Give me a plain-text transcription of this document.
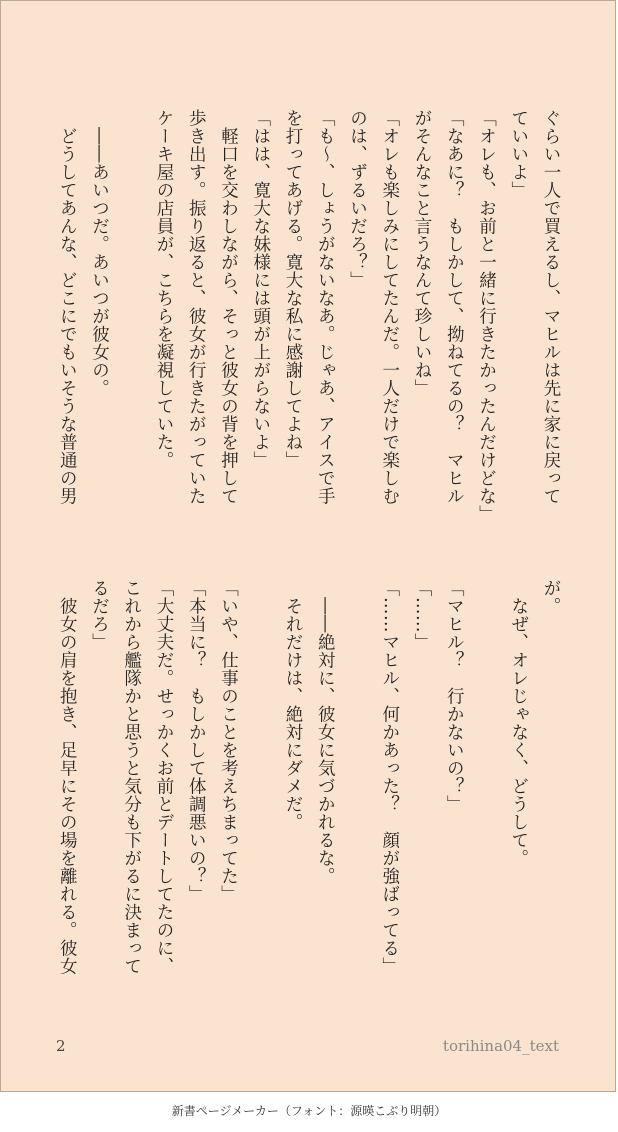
ぐらい一人で買えるし、マヒルは先に家に戻って
ていいよ」
「オレも、お前と一緒に行きたかったんだけどな」
「なあに？　もしかして、拗ねてるの？　マヒル
がそんなこと言うなんて珍しいね」
「オレも楽しみにしてたんだ。一人だけで楽しむ
のは、ずるいだろ？」
「も～、しょうがないなあ。じゃあ、アイスで手
を打ってあげる。寛大な私に感謝してよね」
「はは、寛大な妹様には頭が上がらないよ」
　軽口を交わしながら、そっと彼女の背を押して
歩き出す。振り返ると、彼女が行きたがっていた
ケーキ屋の店員が、こちらを凝視していた。
　――あいつだ。あいつが彼女の。
　どうしてあんな、どこにでもいそうな普通の男
が。
　なぜ、オレじゃなく、どうして。
「マヒル？　行かないの？」
「……」
「……マヒル、何かあった？　顔が強ばってる」
　――絶対に、彼女に気づかれるな。
　それだけは、絶対にダメだ。
「いや、仕事のことを考えちまってた」
「本当に？　もしかして体調悪いの？」
「大丈夫だ。せっかくお前とデートしてたのに、
これから艦隊かと思うと気分も下がるに決まって
るだろ」
　彼女の肩を抱き、足早にその場を離れる。彼女
2	torihina04_text
新書ページメーカー（フォント：源暎こぶり明朝）
